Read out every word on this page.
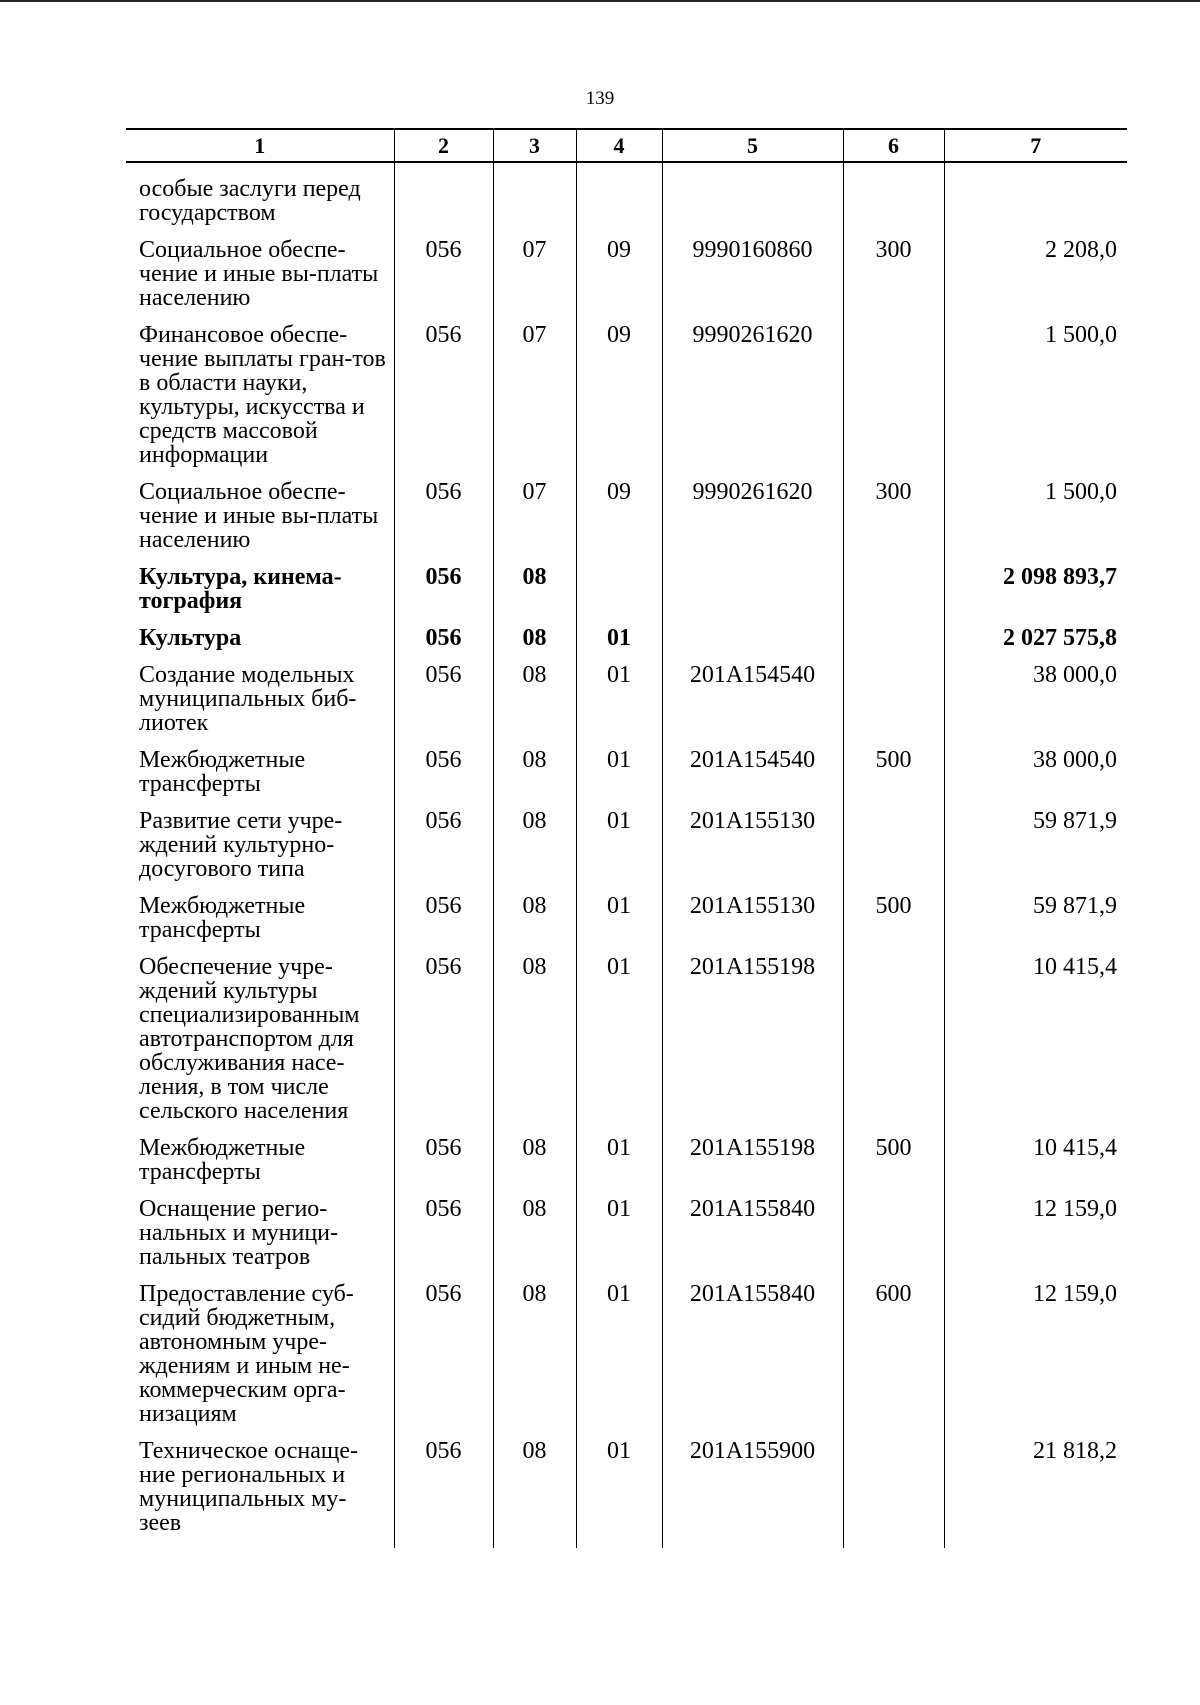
139
1	2	3	4	5	6	7

особые заслуги перед государством						
Социальное обеспе-чение и иные вы-платы населению	056	07	09	9990160860	300	2 208,0
Финансовое обеспе-чение выплаты гран-тов в области науки, культуры, искусства и средств массовой информации	056	07	09	9990261620		1 500,0
Социальное обеспе-чение и иные вы-платы населению	056	07	09	9990261620	300	1 500,0
Культура, кинема-тография	056	08				2 098 893,7
Культура	056	08	01			2 027 575,8
Создание модельных муниципальных биб-лиотек	056	08	01	201A154540		38 000,0
Межбюджетные трансферты	056	08	01	201A154540	500	38 000,0
Развитие сети учре-ждений культурно-досугового типа	056	08	01	201A155130		59 871,9
Межбюджетные трансферты	056	08	01	201A155130	500	59 871,9
Обеспечение учре-ждений культуры специализированным автотранспортом для обслуживания насе-ления, в том числе сельского населения	056	08	01	201A155198		10 415,4
Межбюджетные трансферты	056	08	01	201A155198	500	10 415,4
Оснащение регио-нальных и муници-пальных театров	056	08	01	201A155840		12 159,0
Предоставление суб-сидий бюджетным, автономным учре-ждениям и иным не-коммерческим орга-низациям	056	08	01	201A155840	600	12 159,0
Техническое оснаще-ние региональных и муниципальных му-зеев	056	08	01	201A155900		21 818,2
